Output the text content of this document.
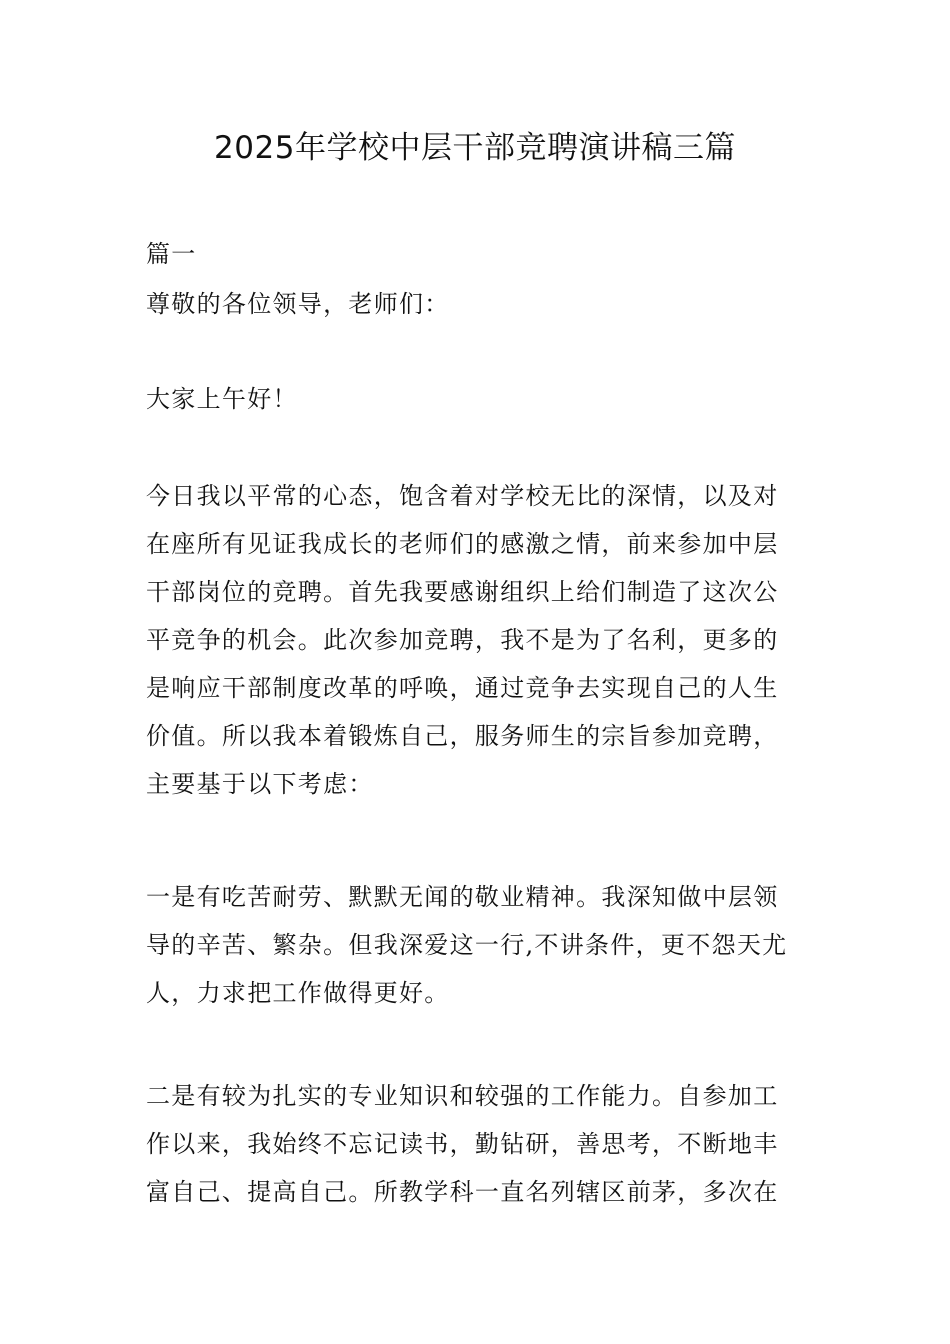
2025年学校中层干部竞聘演讲稿三篇
篇一
尊敬的各位领导，老师们：
大家上午好！
今日我以平常的心态，饱含着对学校无比的深情，以及对
在座所有见证我成长的老师们的感激之情，前来参加中层
干部岗位的竞聘。首先我要感谢组织上给们制造了这次公
平竞争的机会。此次参加竞聘，我不是为了名利，更多的
是响应干部制度改革的呼唤，通过竞争去实现自己的人生
价值。所以我本着锻炼自己，服务师生的宗旨参加竞聘，
主要基于以下考虑：
一是有吃苦耐劳、默默无闻的敬业精神。我深知做中层领
导的辛苦、繁杂。但我深爱这一行,不讲条件，更不怨天尤
人，力求把工作做得更好。
二是有较为扎实的专业知识和较强的工作能力。自参加工
作以来，我始终不忘记读书，勤钻研，善思考，不断地丰
富自己、提高自己。所教学科一直名列辖区前茅，多次在
